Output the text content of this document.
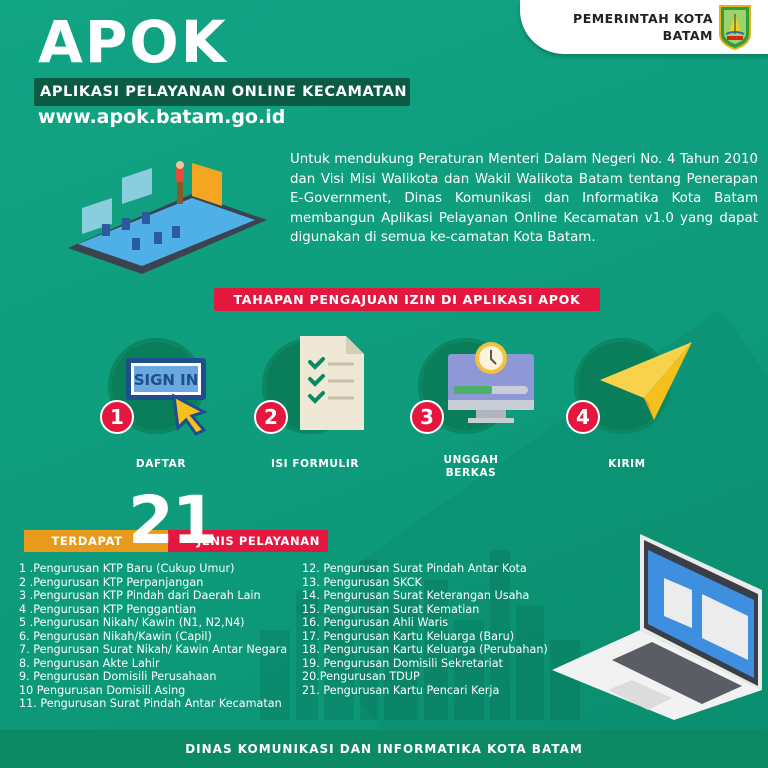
APOK
APLIKASI PELAYANAN ONLINE KECAMATAN
www.apok.batam.go.id
PEMERINTAH KOTA
BATAM
Untuk mendukung Peraturan Menteri Dalam Negeri No. 4 Tahun 2010 dan Visi Misi Walikota dan Wakil Walikota Batam tentang Penerapan E-Government, Dinas Komunikasi dan Informatika Kota Batam membangun Aplikasi Pelayanan Online Kecamatan v1.0 yang dapat digunakan di semua ke-camatan Kota Batam.
TAHAPAN PENGAJUAN IZIN DI APLIKASI APOK
SIGN IN
1
DAFTAR
2
ISI FORMULIR
3
UNGGAH BERKAS
4
KIRIM
TERDAPAT	JENIS PELAYANAN
21
1 .Pengurusan KTP Baru (Cukup Umur)
2 .Pengurusan KTP Perpanjangan
3 .Pengurusan KTP Pindah dari Daerah Lain
4 .Pengurusan KTP Penggantian
5 .Pengurusan Nikah/ Kawin (N1, N2,N4)
6. Pengurusan Nikah/Kawin (Capil)
7. Pengurusan Surat Nikah/ Kawin Antar Negara
8. Pengurusan Akte Lahir
9. Pengurusan Domisili Perusahaan
10 Pengurusan Domisili Asing
11. Pengurusan Surat Pindah Antar Kecamatan
12. Pengurusan Surat Pindah Antar Kota
13. Pengurusan SKCK
14. Pengurusan Surat Keterangan Usaha
15. Pengurusan Surat Kematian
16. Pengurusan Ahli Waris
17. Pengurusan Kartu Keluarga (Baru)
18. Pengurusan Kartu Keluarga (Perubahan)
19. Pengurusan Domisili Sekretariat
20.Pengurusan TDUP
21. Pengurusan Kartu Pencari Kerja
DINAS KOMUNIKASI DAN INFORMATIKA KOTA BATAM
